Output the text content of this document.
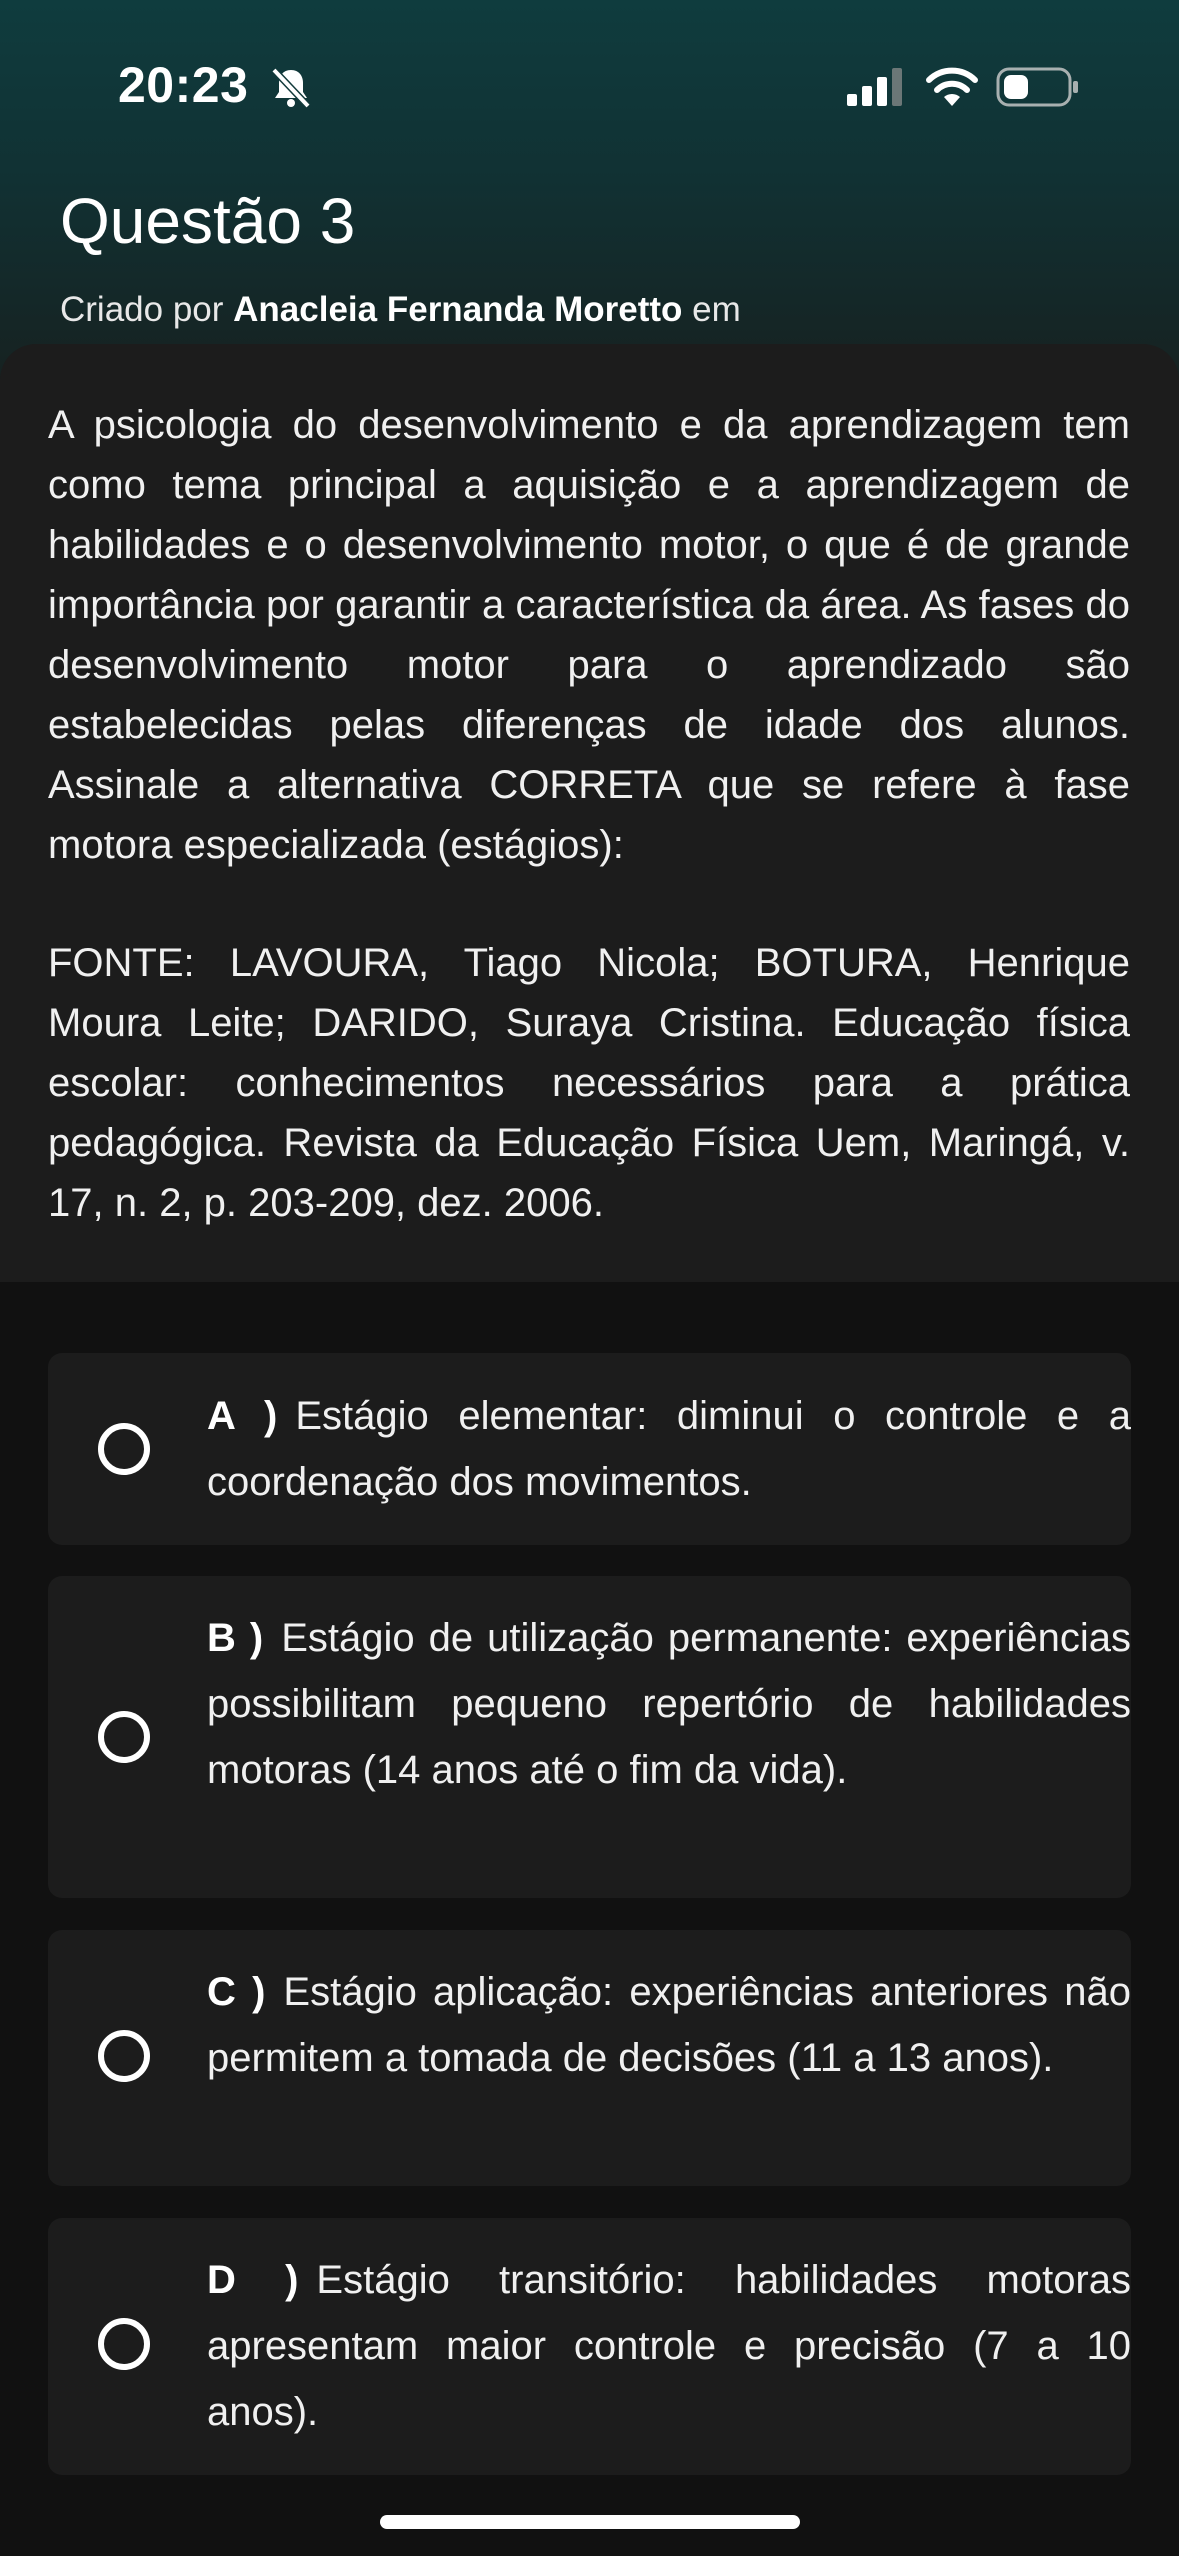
20:23
Questão 3
Criado por Anacleia Fernanda Moretto em

A psicologia do desenvolvimento e da aprendizagem tem como tema principal a aquisição e a aprendizagem de habilidades e o desenvolvimento motor, o que é de grande importância por garantir a característica da área. As fases do desenvolvimento motor para o aprendizado são estabelecidas pelas diferenças de idade dos alunos. Assinale a alternativa CORRETA que se refere à fase motora especializada (estágios):

FONTE: LAVOURA, Tiago Nicola; BOTURA, Henrique Moura Leite; DARIDO, Suraya Cristina. Educação física escolar: conhecimentos necessários para a prática pedagógica. Revista da Educação Física Uem, Maringá, v. 17, n. 2, p. 203-209, dez. 2006.

A ) Estágio elementar: diminui o controle e a coordenação dos movimentos.
B ) Estágio de utilização permanente: experiências possibilitam pequeno repertório de habilidades motoras (14 anos até o fim da vida).
C ) Estágio aplicação: experiências anteriores não permitem a tomada de decisões (11 a 13 anos).
D ) Estágio transitório: habilidades motoras apresentam maior controle e precisão (7 a 10 anos).
